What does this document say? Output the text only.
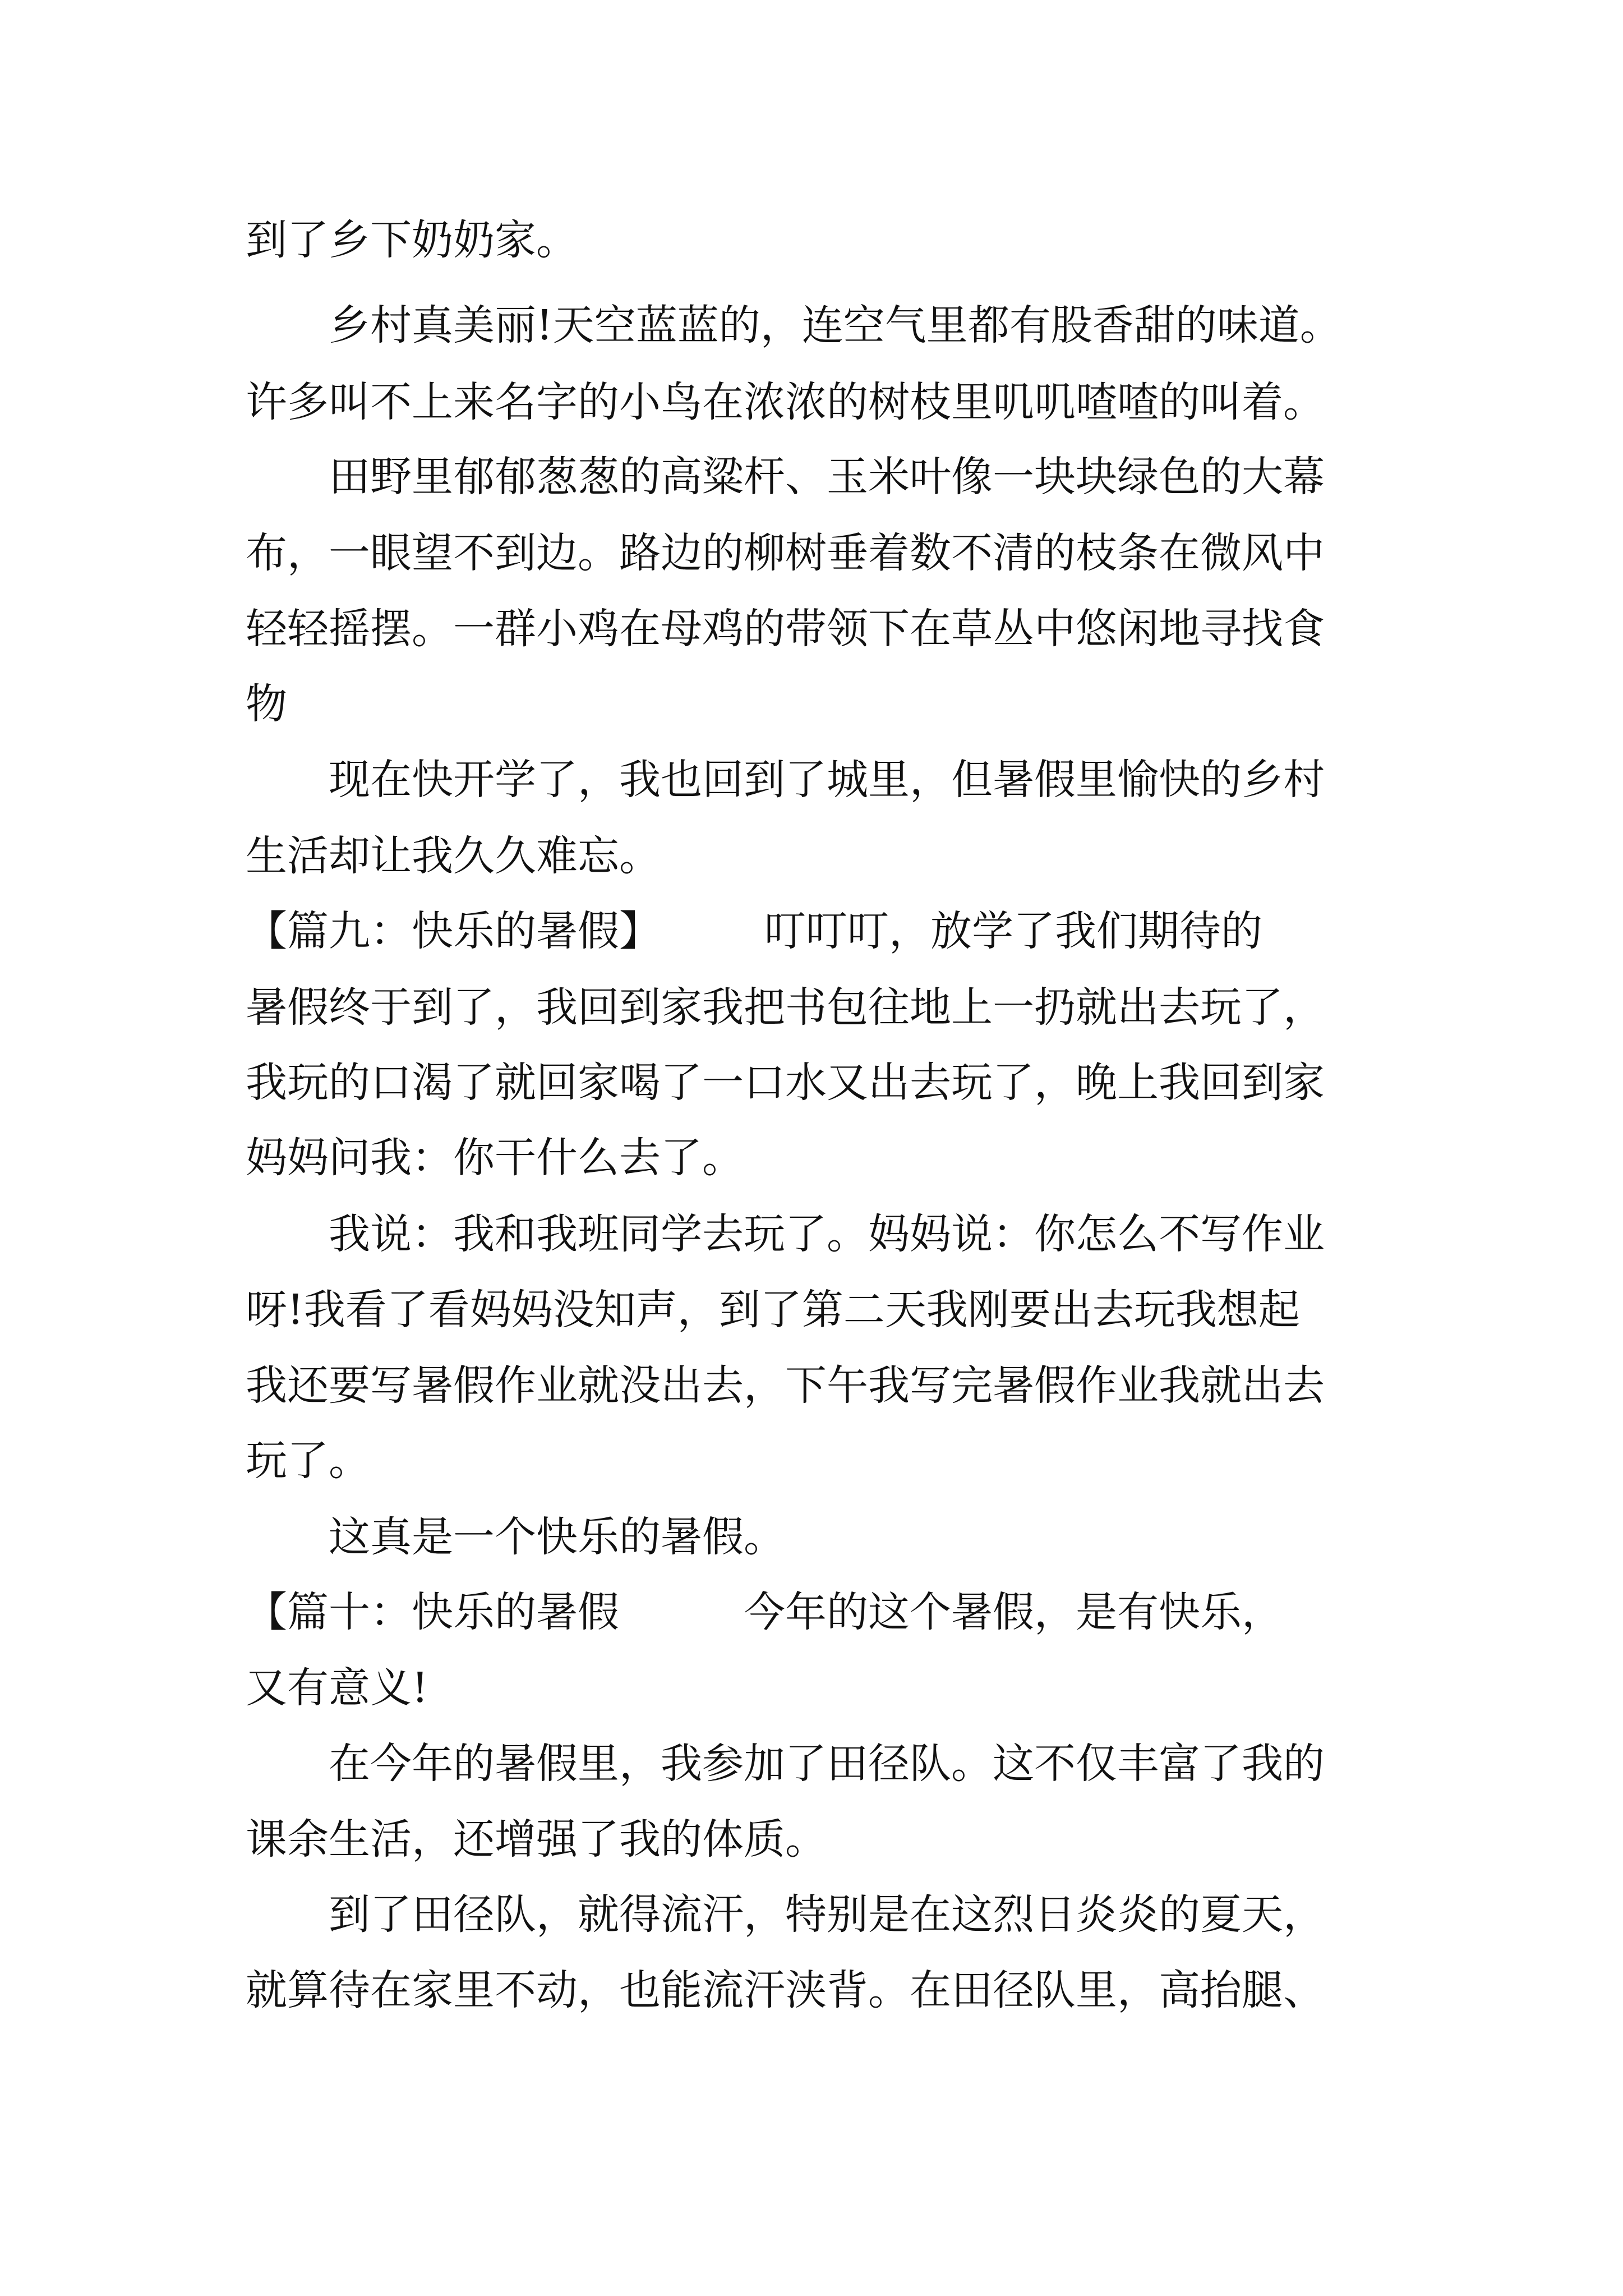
到了乡下奶奶家。

　　乡村真美丽!天空蓝蓝的，连空气里都有股香甜的味道。

许多叫不上来名字的小鸟在浓浓的树枝里叽叽喳喳的叫着。

　　田野里郁郁葱葱的高粱杆、玉米叶像一块块绿色的大幕

布，一眼望不到边。路边的柳树垂着数不清的枝条在微风中

轻轻摇摆。一群小鸡在母鸡的带领下在草丛中悠闲地寻找食

物

　　现在快开学了，我也回到了城里，但暑假里愉快的乡村

生活却让我久久难忘。

【篇九：快乐的暑假】　　　叮叮叮，放学了我们期待的

暑假终于到了，我回到家我把书包往地上一扔就出去玩了，

我玩的口渴了就回家喝了一口水又出去玩了，晚上我回到家

妈妈问我：你干什么去了。

　　我说：我和我班同学去玩了。妈妈说：你怎么不写作业

呀!我看了看妈妈没知声，到了第二天我刚要出去玩我想起

我还要写暑假作业就没出去，下午我写完暑假作业我就出去

玩了。

　　这真是一个快乐的暑假。

【篇十：快乐的暑假　　　今年的这个暑假，是有快乐，

又有意义!

　　在今年的暑假里，我参加了田径队。这不仅丰富了我的

课余生活，还增强了我的体质。

　　到了田径队，就得流汗，特别是在这烈日炎炎的夏天，

就算待在家里不动，也能流汗浃背。在田径队里，高抬腿、
